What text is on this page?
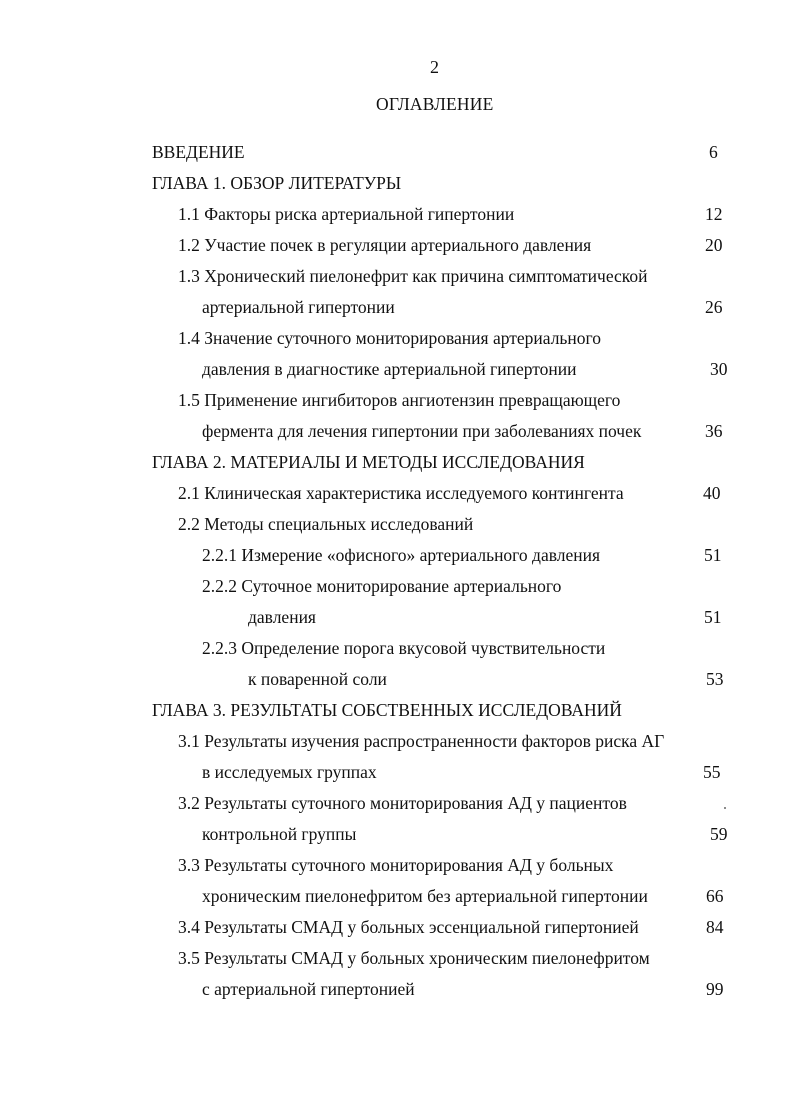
2
ОГЛАВЛЕНИЕ
ВВЕДЕНИЕ	6
ГЛАВА 1. ОБЗОР ЛИТЕРАТУРЫ
1.1 Факторы риска артериальной гипертонии	12
1.2 Участие почек в регуляции артериального давления	20
1.3 Хронический пиелонефрит как причина симптоматической
артериальной гипертонии	26
1.4 Значение суточного мониторирования артериального
давления в диагностике артериальной гипертонии	30
1.5 Применение ингибиторов ангиотензин превращающего
фермента для лечения гипертонии при заболеваниях почек	36
ГЛАВА 2. МАТЕРИАЛЫ И МЕТОДЫ ИССЛЕДОВАНИЯ
2.1 Клиническая характеристика исследуемого контингента	40
2.2 Методы специальных исследований
2.2.1 Измерение «офисного» артериального давления	51
2.2.2 Суточное мониторирование артериального
давления	51
2.2.3 Определение порога вкусовой чувствительности
к поваренной соли	53
ГЛАВА 3. РЕЗУЛЬТАТЫ СОБСТВЕННЫХ ИССЛЕДОВАНИЙ
3.1 Результаты изучения распространенности факторов риска АГ
в исследуемых группах	55
3.2 Результаты суточного мониторирования АД у пациентов
контрольной группы	59
3.3 Результаты суточного мониторирования АД у больных
хроническим пиелонефритом без артериальной гипертонии	66
3.4 Результаты СМАД у больных эссенциальной гипертонией	84
3.5 Результаты СМАД у больных хроническим пиелонефритом
с артериальной гипертонией	99
